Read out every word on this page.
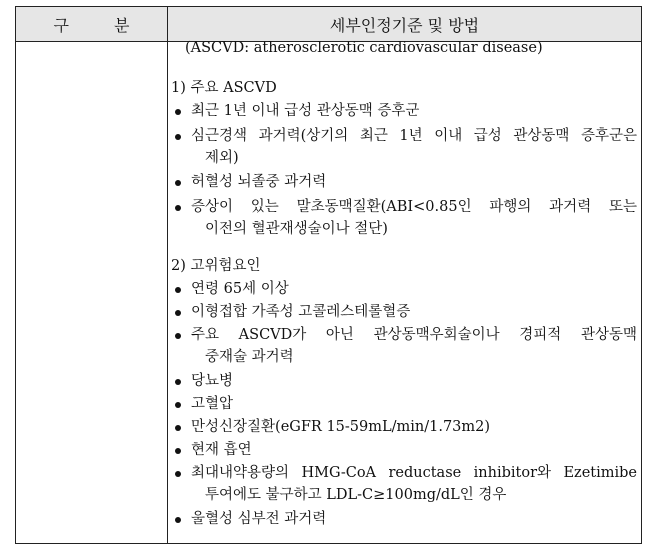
구 분	세부인정기준 및 방법
(ASCVD: atherosclerotic cardiovascular disease)
1) 주요 ASCVD
최근 1년 이내 급성 관상동맥 증후군
심근경색 과거력(상기의 최근 1년 이내 급성 관상동맥 증후군은
제외)
허혈성 뇌졸중 과거력
증상이 있는 말초동맥질환(ABI<0.85인 파행의 과거력 또는
이전의 혈관재생술이나 절단)
2) 고위험요인
연령 65세 이상
이형접합 가족성 고콜레스테롤혈증
주요 ASCVD가 아닌 관상동맥우회술이나 경피적 관상동맥
중재술 과거력
당뇨병
고혈압
만성신장질환(eGFR 15-59mL/min/1.73m2)
현재 흡연
최대내약용량의 HMG-CoA reductase inhibitor와 Ezetimibe
투여에도 불구하고 LDL-C≥100mg/dL인 경우
울혈성 심부전 과거력
